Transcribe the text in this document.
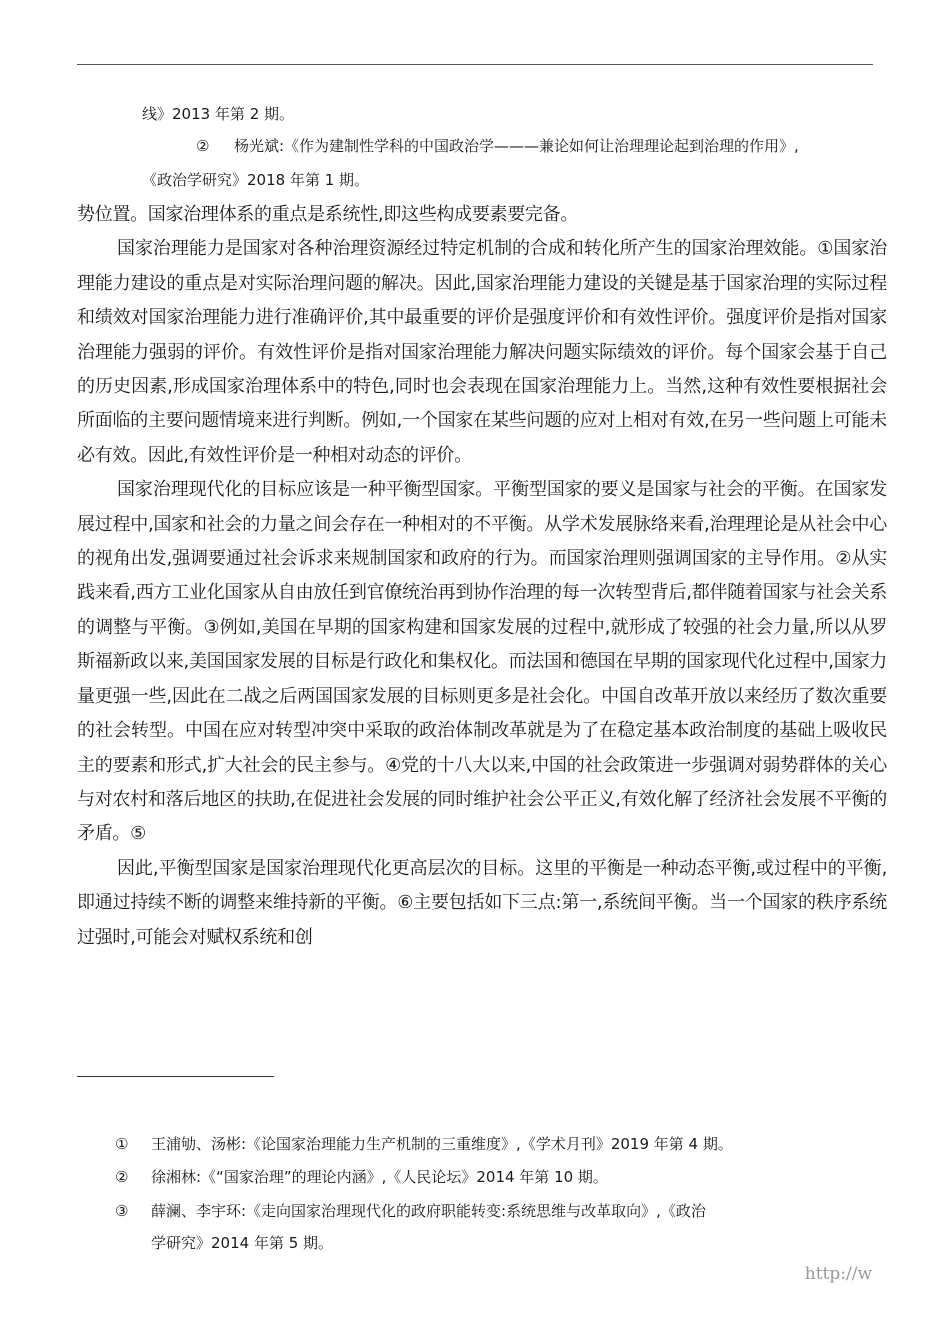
线》2013 年第 2 期。
② 杨光斌:《作为建制性学科的中国政治学———兼论如何让治理理论起到治理的作用》,
《政治学研究》2018 年第 1 期。

势位置。国家治理体系的重点是系统性,即这些构成要素要完备。

国家治理能力是国家对各种治理资源经过特定机制的合成和转化所产生的国家治理效能。①国家治理能力建设的重点是对实际治理问题的解决。因此,国家治理能力建设的关键是基于国家治理的实际过程和绩效对国家治理能力进行准确评价,其中最重要的评价是强度评价和有效性评价。强度评价是指对国家治理能力强弱的评价。有效性评价是指对国家治理能力解决问题实际绩效的评价。每个国家会基于自己的历史因素,形成国家治理体系中的特色,同时也会表现在国家治理能力上。当然,这种有效性要根据社会所面临的主要问题情境来进行判断。例如,一个国家在某些问题的应对上相对有效,在另一些问题上可能未必有效。因此,有效性评价是一种相对动态的评价。

国家治理现代化的目标应该是一种平衡型国家。平衡型国家的要义是国家与社会的平衡。在国家发展过程中,国家和社会的力量之间会存在一种相对的不平衡。从学术发展脉络来看,治理理论是从社会中心的视角出发,强调要通过社会诉求来规制国家和政府的行为。而国家治理则强调国家的主导作用。②从实践来看,西方工业化国家从自由放任到官僚统治再到协作治理的每一次转型背后,都伴随着国家与社会关系的调整与平衡。③例如,美国在早期的国家构建和国家发展的过程中,就形成了较强的社会力量,所以从罗斯福新政以来,美国国家发展的目标是行政化和集权化。而法国和德国在早期的国家现代化过程中,国家力量更强一些,因此在二战之后两国国家发展的目标则更多是社会化。中国自改革开放以来经历了数次重要的社会转型。中国在应对转型冲突中采取的政治体制改革就是为了在稳定基本政治制度的基础上吸收民主的要素和形式,扩大社会的民主参与。④党的十八大以来,中国的社会政策进一步强调对弱势群体的关心与对农村和落后地区的扶助,在促进社会发展的同时维护社会公平正义,有效化解了经济社会发展不平衡的矛盾。⑤

因此,平衡型国家是国家治理现代化更高层次的目标。这里的平衡是一种动态平衡,或过程中的平衡,即通过持续不断的调整来维持新的平衡。⑥主要包括如下三点:第一,系统间平衡。当一个国家的秩序系统过强时,可能会对赋权系统和创

① 王浦劬、汤彬:《论国家治理能力生产机制的三重维度》,《学术月刊》2019 年第 4 期。
② 徐湘林:《“国家治理”的理论内涵》,《人民论坛》2014 年第 10 期。
③ 薛澜、李宇环:《走向国家治理现代化的政府职能转变:系统思维与改革取向》,《政治
学研究》2014 年第 5 期。
http://w
